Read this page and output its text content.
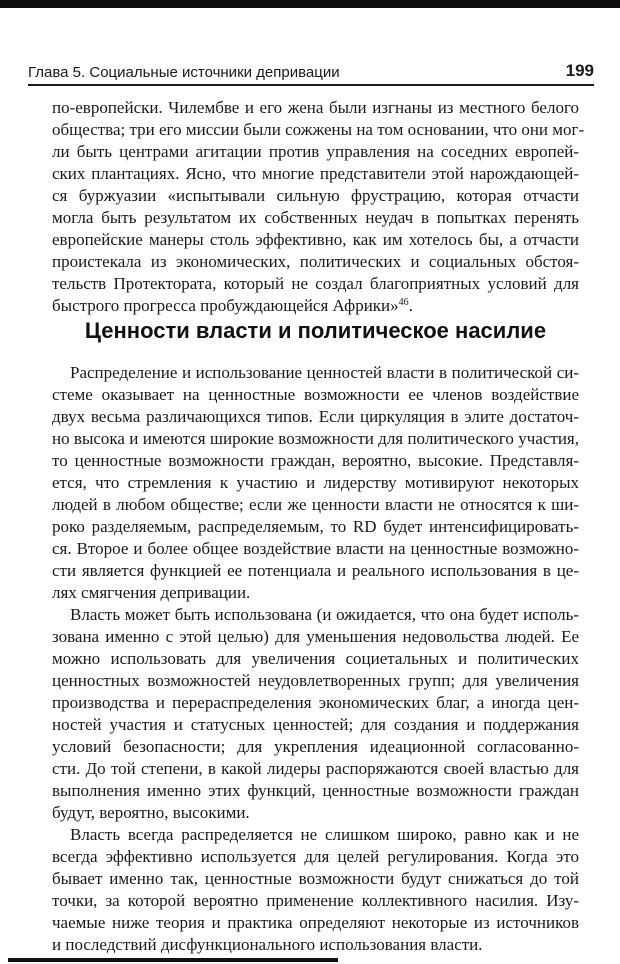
Глава 5. Социальные источники депривации	199
по-европейски. Чилембве и его жена были изгнаны из местного белого
общества; три его миссии были сожжены на том основании, что они мог-
ли быть центрами агитации против управления на соседних европей-
ских плантациях. Ясно, что многие представители этой нарождающей-
ся буржуазии «испытывали сильную фрустрацию, которая отчасти
могла быть результатом их собственных неудач в попытках перенять
европейские манеры столь эффективно, как им хотелось бы, а отчасти
проистекала из экономических, политических и социальных обстоя-
тельств Протектората, который не создал благоприятных условий для
быстрого прогресса пробуждающейся Африки»$^{46}$.
Ценности власти и политическое насилие
Распределение и использование ценностей власти в политической си-
стеме оказывает на ценностные возможности ее членов воздействие
двух весьма различающихся типов. Если циркуляция в элите достаточ-
но высока и имеются широкие возможности для политического участия,
то ценностные возможности граждан, вероятно, высокие. Представля-
ется, что стремления к участию и лидерству мотивируют некоторых
людей в любом обществе; если же ценности власти не относятся к ши-
роко разделяемым, распределяемым, то RD будет интенсифицировать-
ся. Второе и более общее воздействие власти на ценностные возможно-
сти является функцией ее потенциала и реального использования в це-
лях смягчения депривации.
Власть может быть использована (и ожидается, что она будет исполь-
зована именно с этой целью) для уменьшения недовольства людей. Ее
можно использовать для увеличения социетальных и политических
ценностных возможностей неудовлетворенных групп; для увеличения
производства и перераспределения экономических благ, а иногда цен-
ностей участия и статусных ценностей; для создания и поддержания
условий безопасности; для укрепления идеационной согласованно-
сти. До той степени, в какой лидеры распоряжаются своей властью для
выполнения именно этих функций, ценностные возможности граждан
будут, вероятно, высокими.
Власть всегда распределяется не слишком широко, равно как и не
всегда эффективно используется для целей регулирования. Когда это
бывает именно так, ценностные возможности будут снижаться до той
точки, за которой вероятно применение коллективного насилия. Изу-
чаемые ниже теория и практика определяют некоторые из источников
и последствий дисфункционального использования власти.
